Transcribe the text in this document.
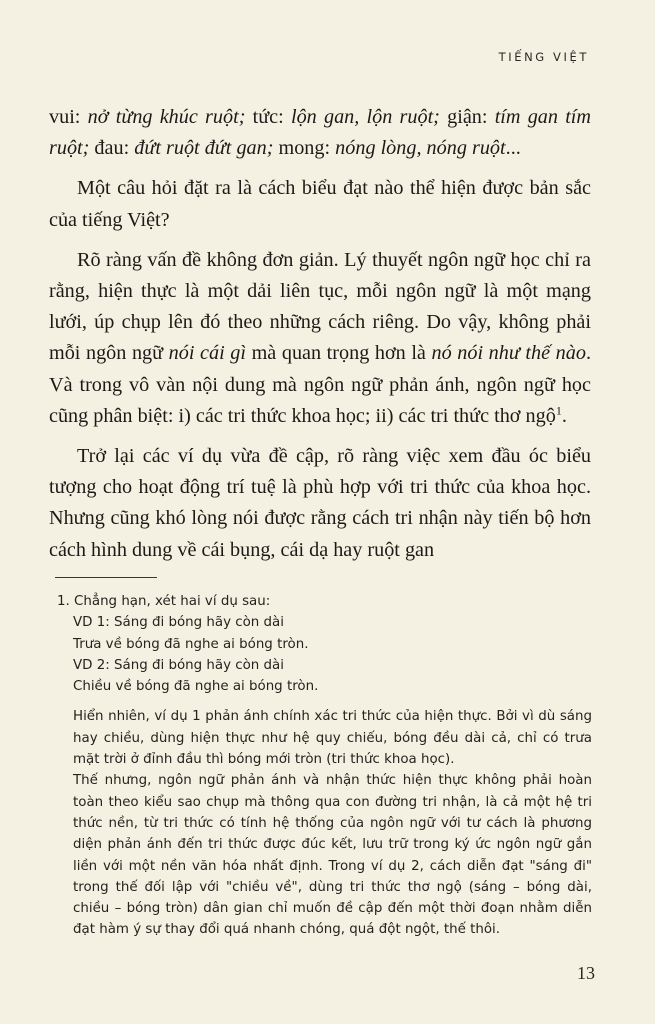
TIẾNG VIỆT

vui: nở từng khúc ruột; tức: lộn gan, lộn ruột; giận: tím gan tím ruột; đau: đứt ruột đứt gan; mong: nóng lòng, nóng ruột...

Một câu hỏi đặt ra là cách biểu đạt nào thể hiện được bản sắc của tiếng Việt?

Rõ ràng vấn đề không đơn giản. Lý thuyết ngôn ngữ học chỉ ra rằng, hiện thực là một dải liên tục, mỗi ngôn ngữ là một mạng lưới, úp chụp lên đó theo những cách riêng. Do vậy, không phải mỗi ngôn ngữ nói cái gì mà quan trọng hơn là nó nói như thế nào. Và trong vô vàn nội dung mà ngôn ngữ phản ánh, ngôn ngữ học cũng phân biệt: i) các tri thức khoa học; ii) các tri thức thơ ngộ$^1$.

Trở lại các ví dụ vừa đề cập, rõ ràng việc xem đầu óc biểu tượng cho hoạt động trí tuệ là phù hợp với tri thức của khoa học. Nhưng cũng khó lòng nói được rằng cách tri nhận này tiến bộ hơn cách hình dung về cái bụng, cái dạ hay ruột gan

1. Chẳng hạn, xét hai ví dụ sau:

VD 1: Sáng đi bóng hãy còn dài

Trưa về bóng đã nghe ai bóng tròn.

VD 2: Sáng đi bóng hãy còn dài

Chiều về bóng đã nghe ai bóng tròn.

Hiển nhiên, ví dụ 1 phản ánh chính xác tri thức của hiện thực. Bởi vì dù sáng hay chiều, dùng hiện thực như hệ quy chiếu, bóng đều dài cả, chỉ có trưa mặt trời ở đỉnh đầu thì bóng mới tròn (tri thức khoa học).

Thế nhưng, ngôn ngữ phản ánh và nhận thức hiện thực không phải hoàn toàn theo kiểu sao chụp mà thông qua con đường tri nhận, là cả một hệ tri thức nền, từ tri thức có tính hệ thống của ngôn ngữ với tư cách là phương diện phản ánh đến tri thức được đúc kết, lưu trữ trong ký ức ngôn ngữ gắn liền với một nền văn hóa nhất định. Trong ví dụ 2, cách diễn đạt "sáng đi" trong thế đối lập với "chiều về", dùng tri thức thơ ngộ (sáng – bóng dài, chiều – bóng tròn) dân gian chỉ muốn đề cập đến một thời đoạn nhằm diễn đạt hàm ý sự thay đổi quá nhanh chóng, quá đột ngột, thế thôi.

13
